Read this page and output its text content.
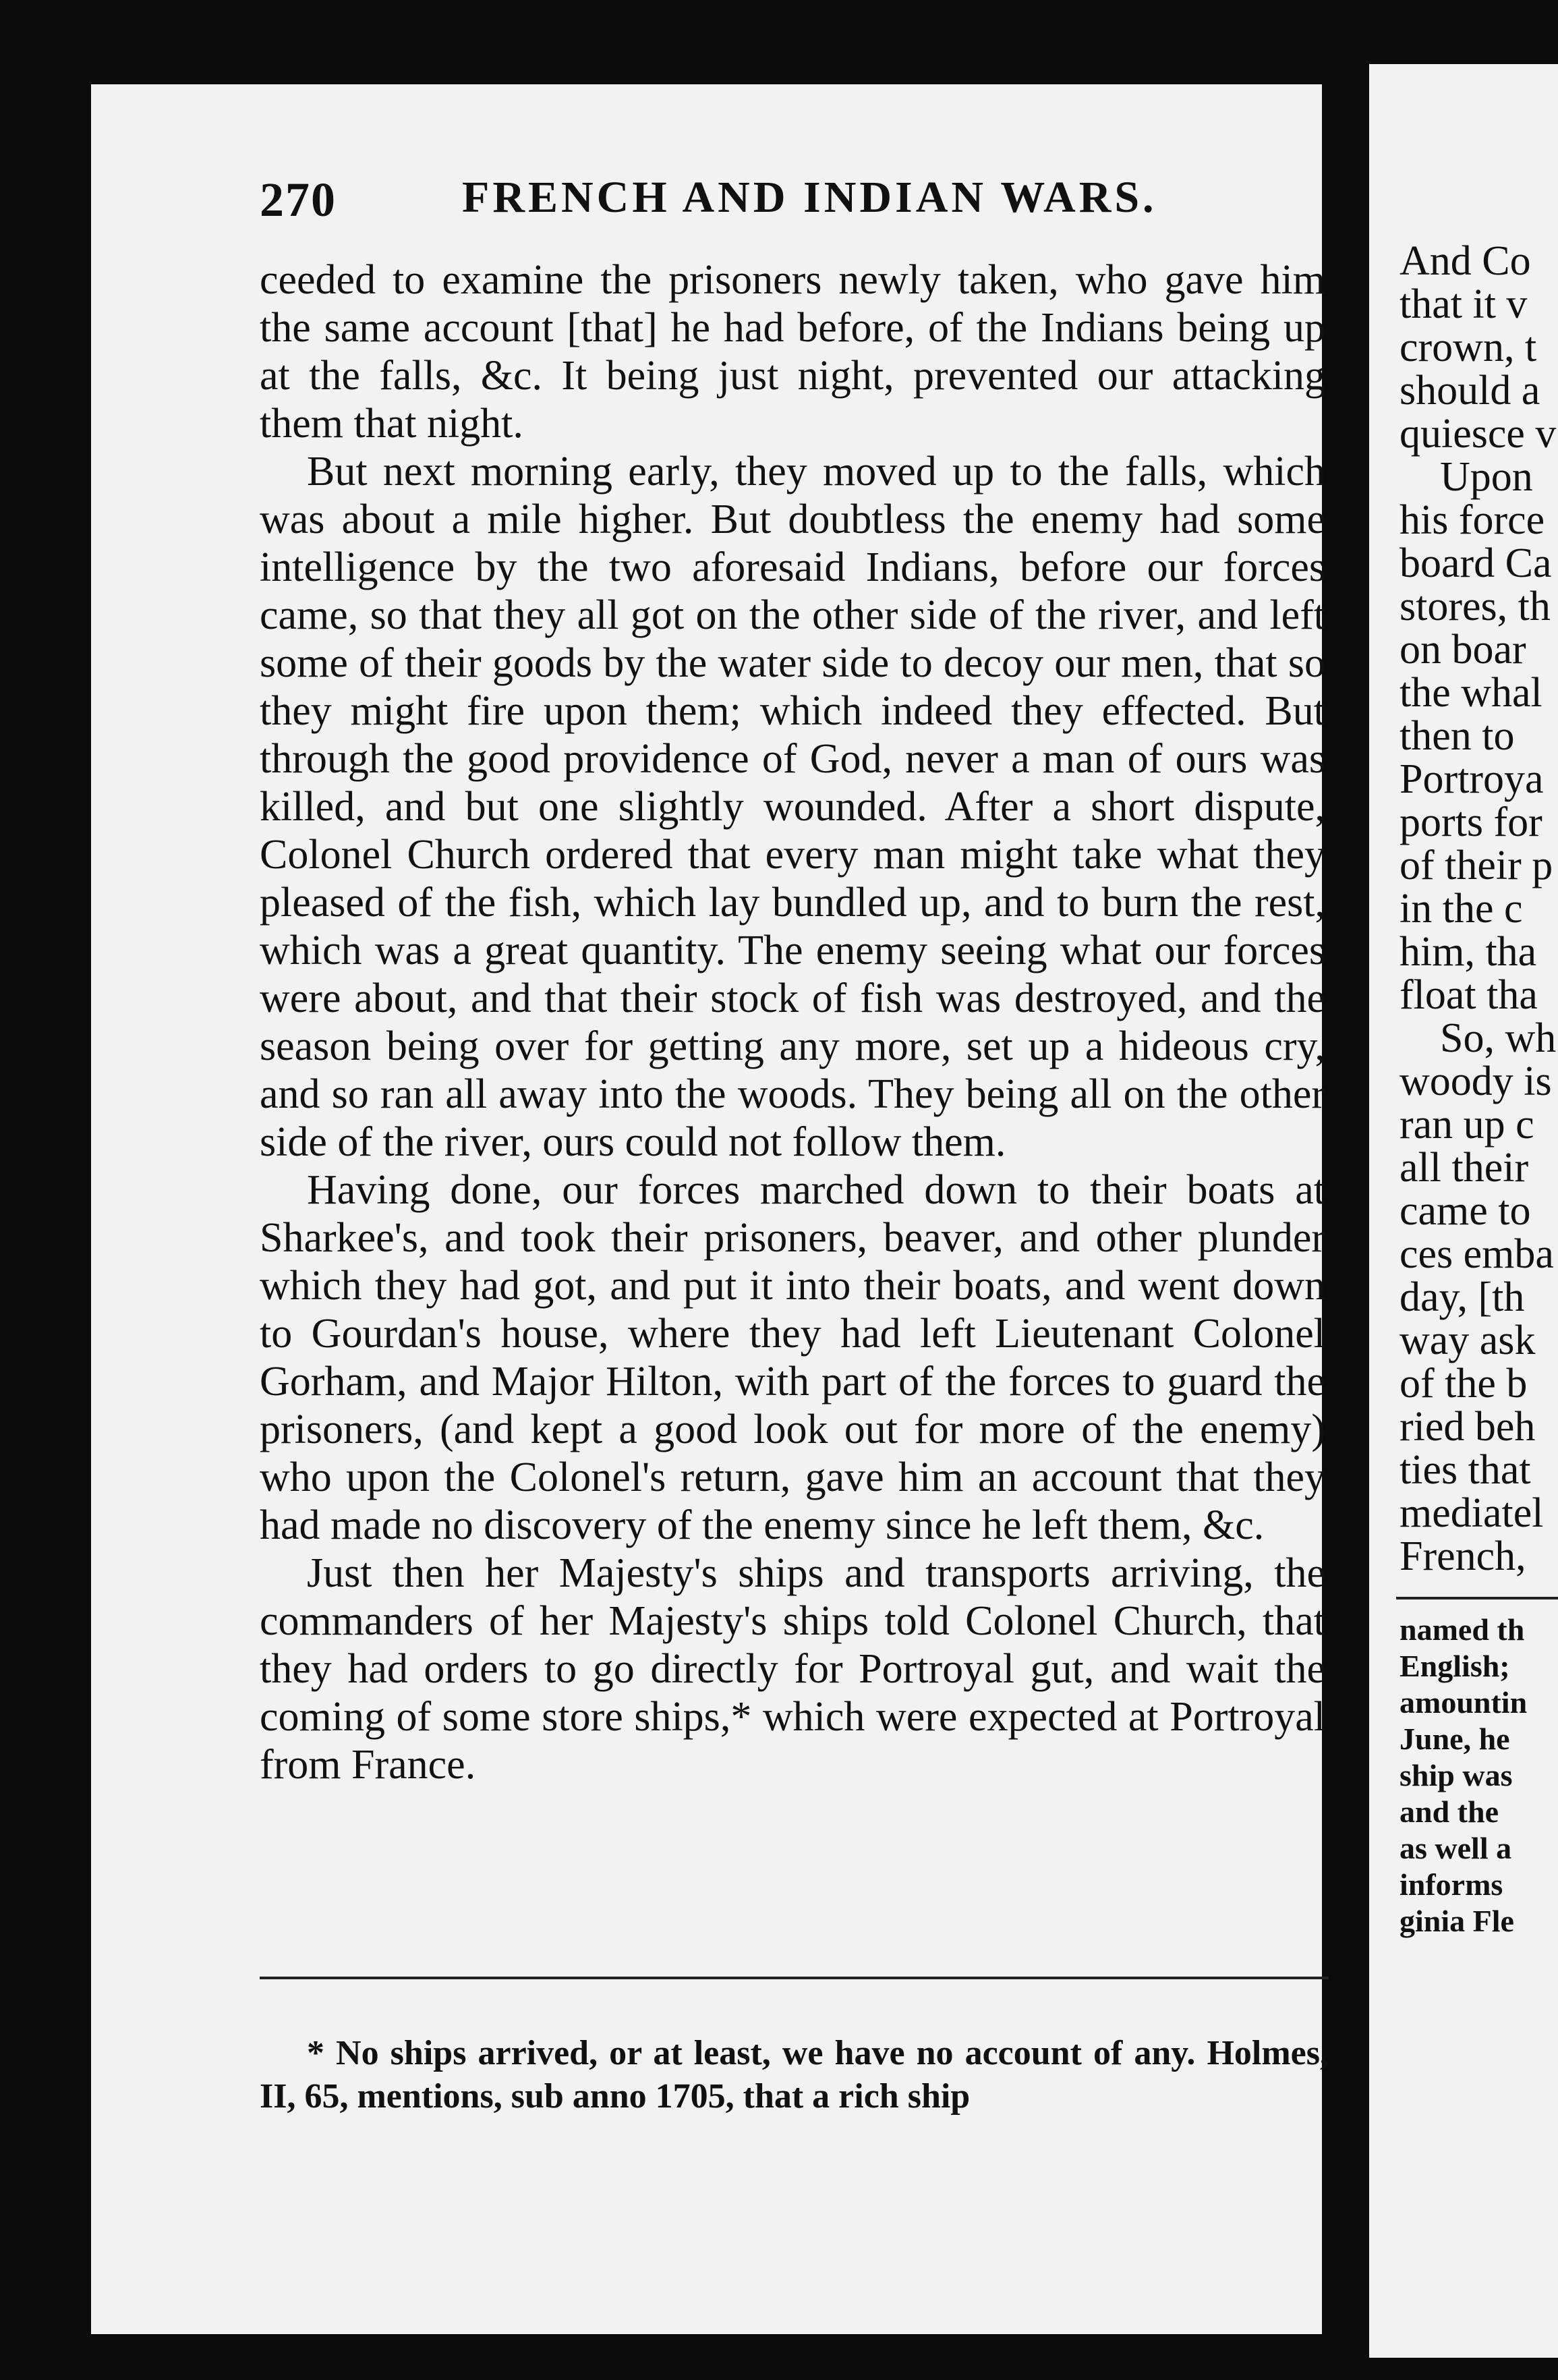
270	FRENCH AND INDIAN WARS.

ceeded to examine the prisoners newly taken, who gave him the same account [that] he had before, of the Indians being up at the falls, &c. It being just night, prevented our attacking them that night.

But next morning early, they moved up to the falls, which was about a mile higher. But doubtless the enemy had some intelligence by the two aforesaid Indians, before our forces came, so that they all got on the other side of the river, and left some of their goods by the water side to decoy our men, that so they might fire upon them; which indeed they effected. But through the good providence of God, never a man of ours was killed, and but one slightly wounded. After a short dispute, Colonel Church ordered that every man might take what they pleased of the fish, which lay bundled up, and to burn the rest, which was a great quantity. The enemy seeing what our forces were about, and that their stock of fish was destroyed, and the season being over for getting any more, set up a hideous cry, and so ran all away into the woods. They being all on the other side of the river, ours could not follow them.

Having done, our forces marched down to their boats at Sharkee's, and took their prisoners, beaver, and other plunder which they had got, and put it into their boats, and went down to Gourdan's house, where they had left Lieutenant Colonel Gorham, and Major Hilton, with part of the forces to guard the prisoners, (and kept a good look out for more of the enemy) who upon the Colonel's return, gave him an account that they had made no discovery of the enemy since he left them, &c.

Just then her Majesty's ships and transports arriving, the commanders of her Majesty's ships told Colonel Church, that they had orders to go directly for Portroyal gut, and wait the coming of some store ships,* which were expected at Portroyal from France.

* No ships arrived, or at least, we have no account of any. Holmes, II, 65, mentions, sub anno 1705, that a rich ship

And Co
that it v
crown, t
should a
quiesce v
Upon
his force
board Ca
stores, th
on boar
the whal
then to
Portroya
ports for
of their p
in the c
him, tha
float tha
So, wh
woody is
ran up c
all their
came to
ces emba
day, [th
way ask
of the b
ried beh
ties that
mediatel
French,
named th
English;
amountin
June, he
ship was
and the
as well a
informs
ginia Fle
